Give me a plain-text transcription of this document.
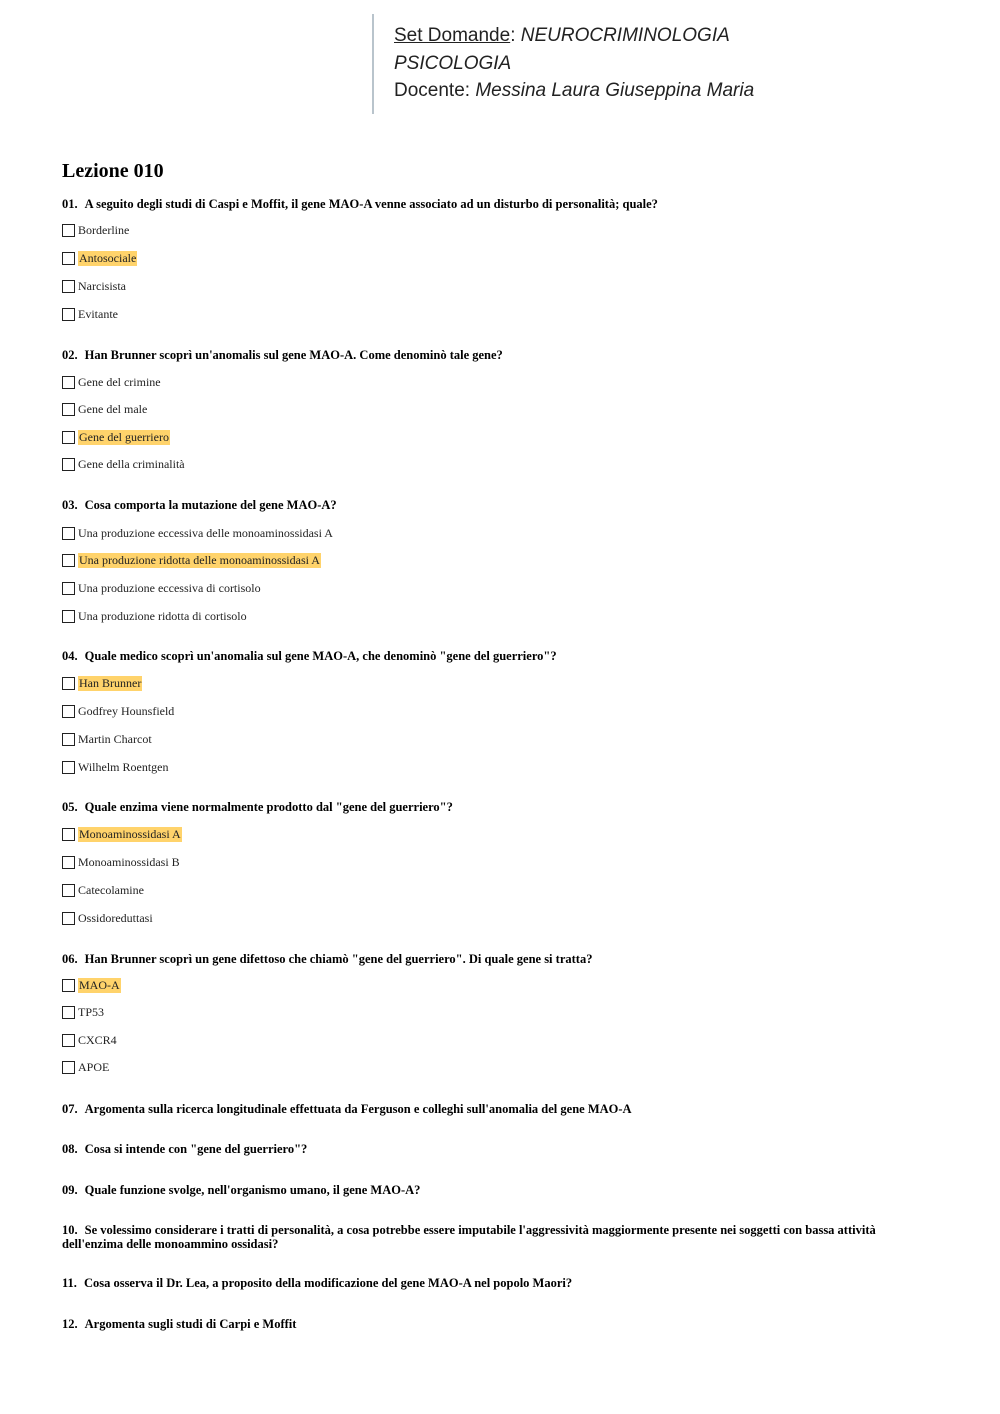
Set Domande: NEUROCRIMINOLOGIA
PSICOLOGIA
Docente: Messina Laura Giuseppina Maria
Lezione 010
01. A seguito degli studi di Caspi e Moffit, il gene MAO-A venne associato ad un disturbo di personalità; quale?
Borderline
Antosociale
Narcisista
Evitante
02. Han Brunner scoprì un'anomalis sul gene MAO-A. Come denominò tale gene?
Gene del crimine
Gene del male
Gene del guerriero
Gene della criminalità
03. Cosa comporta la mutazione del gene MAO-A?
Una produzione eccessiva delle monoaminossidasi A
Una produzione ridotta delle monoaminossidasi A
Una produzione eccessiva di cortisolo
Una produzione ridotta di cortisolo
04. Quale medico scoprì un'anomalia sul gene MAO-A, che denominò "gene del guerriero"?
Han Brunner
Godfrey Hounsfield
Martin Charcot
Wilhelm Roentgen
05. Quale enzima viene normalmente prodotto dal "gene del guerriero"?
Monoaminossidasi A
Monoaminossidasi B
Catecolamine
Ossidoreduttasi
06. Han Brunner scoprì un gene difettoso che chiamò "gene del guerriero". Di quale gene si tratta?
MAO-A
TP53
CXCR4
APOE
07. Argomenta sulla ricerca longitudinale effettuata da Ferguson e colleghi sull'anomalia del gene MAO-A
08. Cosa si intende con "gene del guerriero"?
09. Quale funzione svolge, nell'organismo umano, il gene MAO-A?
10. Se volessimo considerare i tratti di personalità, a cosa potrebbe essere imputabile l'aggressività maggiormente presente nei soggetti con bassa attività dell'enzima delle monoammino ossidasi?
11. Cosa osserva il Dr. Lea, a proposito della modificazione del gene MAO-A nel popolo Maori?
12. Argomenta sugli studi di Carpi e Moffit
